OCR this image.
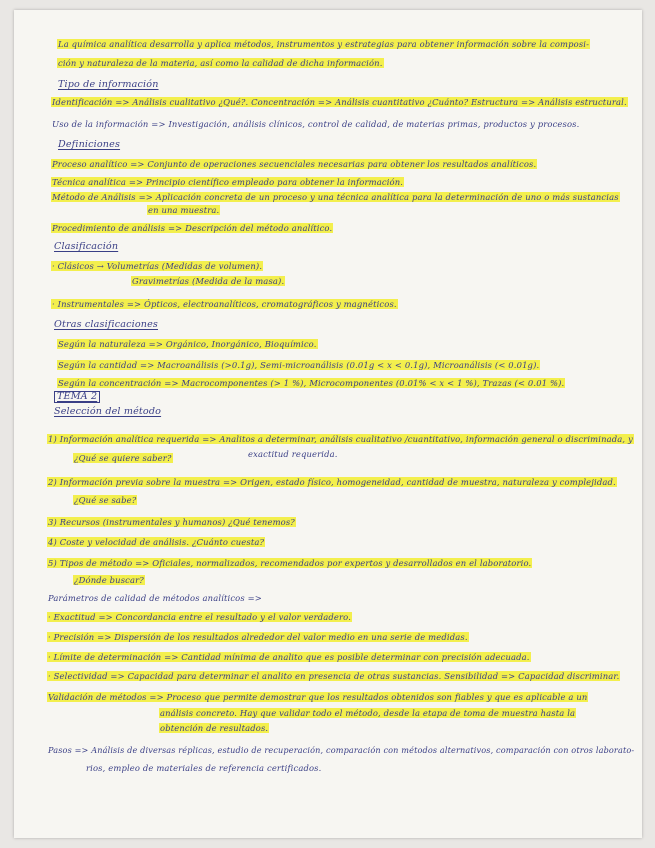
La química analítica desarrolla y aplica métodos, instrumentos y estrategias para obtener información sobre la composi-
ción y naturaleza de la materia, así como la calidad de dicha información.
Tipo de información
Identificación => Análisis cualitativo ¿Qué?. Concentración => Análisis cuantitativo ¿Cuánto? Estructura => Análisis estructural.
Uso de la información => Investigación, análisis clínicos, control de calidad, de materias primas, productos y procesos.
Definiciones
Proceso analítico => Conjunto de operaciones secuenciales necesarias para obtener los resultados analíticos.
Técnica analítica => Principio científico empleado para obtener la información.
Método de Análisis => Aplicación concreta de un proceso y una técnica analítica para la determinación de uno o más sustancias
en una muestra.
Procedimiento de análisis => Descripción del método analítico.
Clasificación
· Clásicos → Volumetrías (Medidas de volumen).
Gravimetrías (Medida de la masa).
· Instrumentales => Ópticos, electroanalíticos, cromatográficos y magnéticos.
Otras clasificaciones
Según la naturaleza => Orgánico, Inorgánico, Bioquímico.
Según la cantidad => Macroanálisis (>0.1g), Semi-microanálisis (0.01g < x < 0.1g), Microanálisis (< 0.01g).
Según la concentración => Macrocomponentes (> 1 %), Microcomponentes (0.01% < x < 1 %), Trazas (< 0.01 %).
TEMA 2
Selección del método
1) Información analítica requerida => Analitos a determinar, análisis cualitativo /cuantitativo, información general o discriminada, y
exactitud requerida.
¿Qué se quiere saber?
2) Información previa sobre la muestra => Origen, estado físico, homogeneidad, cantidad de muestra, naturaleza y complejidad.
¿Qué se sabe?
3) Recursos (instrumentales y humanos) ¿Qué tenemos?
4) Coste y velocidad de análisis. ¿Cuánto cuesta?
5) Tipos de método => Oficiales, normalizados, recomendados por expertos y desarrollados en el laboratorio.
¿Dónde buscar?
Parámetros de calidad de métodos analíticos =>
· Exactitud => Concordancia entre el resultado y el valor verdadero.
· Precisión => Dispersión de los resultados alrededor del valor medio en una serie de medidas.
· Límite de determinación => Cantidad mínima de analito que es posible determinar con precisión adecuada.
· Selectividad => Capacidad para determinar el analito en presencia de otras sustancias. Sensibilidad => Capacidad discriminar.
Validación de métodos => Proceso que permite demostrar que los resultados obtenidos son fiables y que es aplicable a un
análisis concreto. Hay que validar todo el método, desde la etapa de toma de muestra hasta la
obtención de resultados.
Pasos => Análisis de diversas réplicas, estudio de recuperación, comparación con métodos alternativos, comparación con otros laborato-
rios, empleo de materiales de referencia certificados.
